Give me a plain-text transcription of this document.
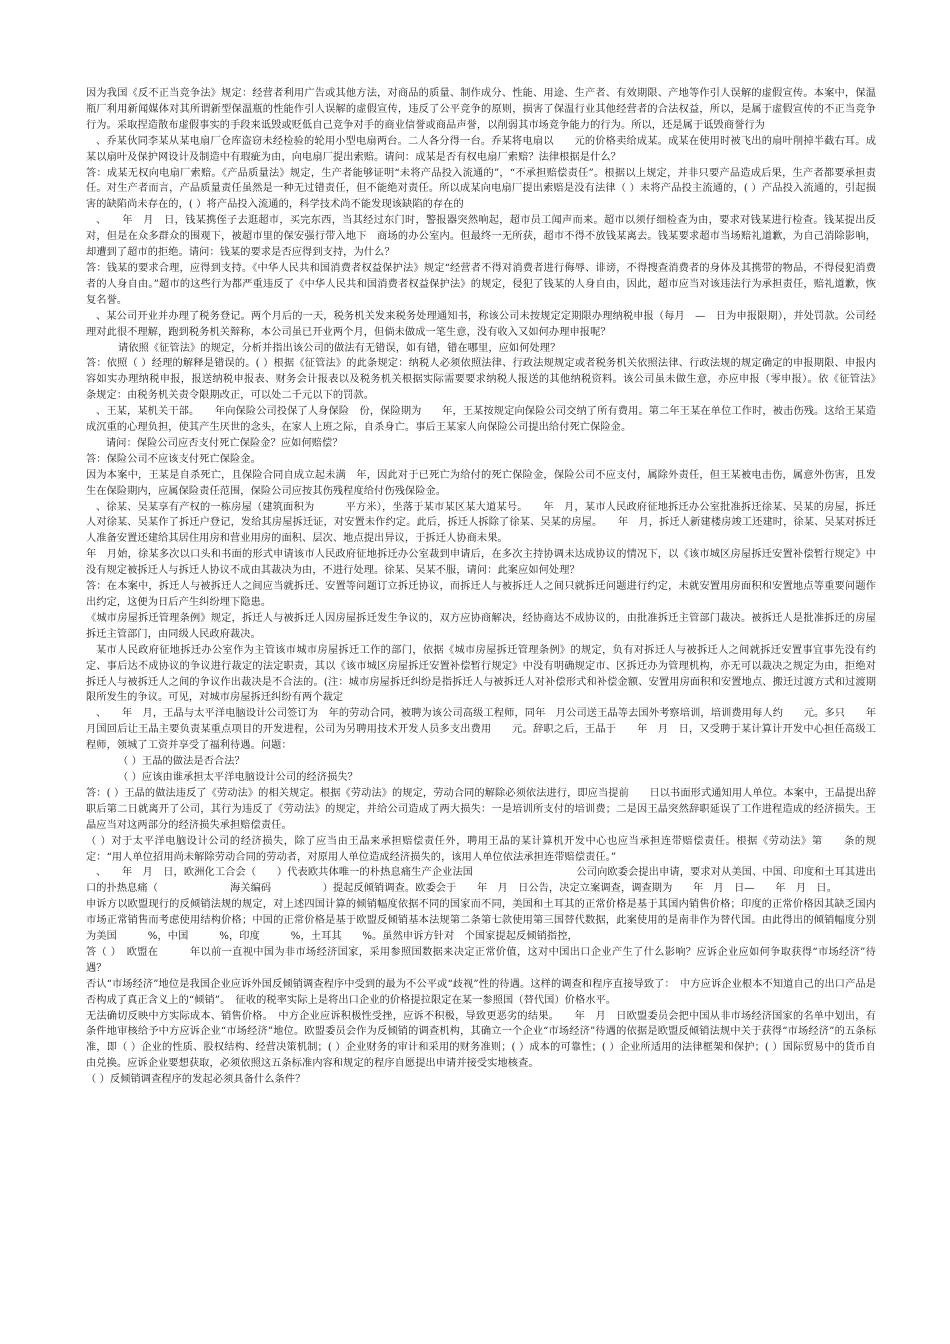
因为我国《反不正当竞争法》规定：经营者利用广告或其他方法，对商品的质量、制作成分、性能、用途、生产者、有效期限、产地等作引人误解的虚假宣传。本案中，保温瓶厂利用新闻媒体对其所谓新型保温瓶的性能作引人误解的虚假宣传，违反了公平竞争的原则，损害了保温行业其他经营者的合法权益，所以，是属于虚假宣传的不正当竞争行为。采取捏造散布虚假事实的手段来诋毁或贬低自己竞争对手的商业信誉或商品声誉，以削弱其市场竞争能力的行为。所以，还是属于诋毁商誉行为

、乔某伙同李某从某电扇厂仓库盗窃未经检验的轮用小型电扇两台。二人各分得一台。乔某将电扇以　　元的价格卖给成某。成某在使用时被飞出的扇叶削掉半截右耳。成某以扇叶及保护网设计及制造中有瑕疵为由，向电扇厂提出索赔。请问：成某是否有权电扇厂索赔？法律根据是什么？

答：成某无权向电扇厂索赔。《产品质量法》规定，生产者能够证明“未将产品投入流通的”，“不承担赔偿责任”。根据以上规定，并非只要产品造成后果，生产者都要承担责任。对生产者而言，产品质量责任虽然是一种无过错责任，但不能绝对责任。所以成某向电扇厂提出索赔是没有法律（ ）未将产品投主流通的，( ）产品投入流通的，引起损害的缺陷尚未存在的，( ）将产品投入流通的，科学技术尚不能发现该缺陷的存在的

、　　年　月　日，钱某携侄子去逛超市，买完东西，当其经过东门时，警报器突然响起，超市员工闻声而来。超市以须仔细检查为由，要求对钱某进行检查。钱某提出反对，但是在众多群众的围观下，被超市里的保安强行带入地下　商场的办公室内。但最终一无所获，超市不得不放钱某离去。钱某要求超市当场赔礼道歉，为自己消除影响，却遭到了超市的拒绝。请问：钱某的要求是否应得到支持，为什么？

答：钱某的要求合理，应得到支持。《中华人民共和国消费者权益保护法》规定“经营者不得对消费者进行侮辱、诽谤，不得搜查消费者的身体及其携带的物品，不得侵犯消费者的人身自由。”超市的这些行为都严重违反了《中华人民共和国消费者权益保护法》的规定，侵犯了钱某的人身自由，因此，超市应当对该违法行为承担责任，赔礼道歉，恢复名誉。

、某公司开业并办理了税务登记。两个月后的一天，税务机关发来税务处理通知书，称该公司未按规定定期限办理纳税申报（每月　—　日为申报限期），并处罚款。公司经理对此很不理解，跑到税务机关辩称，本公司虽已开业两个月，但倘未做成一笔生意，没有收入又如何办理申报呢？

请依照《征管法》的规定，分析并指出该公司的做法有无错误，如有错，错在哪里，应如何处理？

答：依照（ ）经理的解释是错误的。( ）根据《征管法》的此条规定：纳税人必须依照法律、行政法规规定或者税务机关依照法律、行政法规的规定确定的申报期限、申报内容如实办理纳税申报，报送纳税申报表、财务会计报表以及税务机关根据实际需要要求纳税人报送的其他纳税资料。该公司虽未做生意，亦应申报（零申报）。依《征管法》　条规定：由税务机关责令限期改正，可以处二千元以下的罚款。

、王某，某机关干部。　　年向保险公司投保了人身保险　份，保险期为　　年，王某按规定向保险公司交纳了所有费用。第二年王某在单位工作时，被击伤残。这给王某造成沉重的心理负担，使其产生厌世的念头，在家人上班之际，自杀身亡。事后王某家人向保险公司提出给付死亡保险金。

请问：保险公司应否支付死亡保险金？应如何赔偿？

答：保险公司不应该支付死亡保险金。

因为本案中，王某是自杀死亡，且保险合同自成立起未满　年，因此对于已死亡为给付的死亡保险金，保险公司不应支付，属除外责任，但王某被电击伤，属意外伤害，且发生在保险期内，应属保险责任范围，保险公司应按其伤残程度给付伤残保险金。

、徐某、吴某享有产权的一栋房屋（建筑面积为　　　平方米），坐落于某市某区某大道某号。　　年　月，某市人民政府征地拆迁办公室批准拆迁徐某、吴某的房屋，拆迁人对徐某、吴某作了拆迁户登记，发给其房屋拆迁证，对安置未作约定。此后，拆迁人拆除了徐某、吴某的房屋。　　年　月，拆迁人新建楼房竣工还建时，徐某、吴某对拆迁人准备安置还建给其居住用房和营业用房的面积、层次、地点提出异议，于拆迁人协商未果。

年　月始，徐某多次以口头和书面的形式申请该市人民政府征地拆迁办公室裁到申请后，在多次主持协调未达成协议的情况下，以《该市城区房屋拆迁安置补偿暂行规定》中没有规定被拆迁人与拆迁人协议不成由其裁决为由，不进行处理。徐某、吴某不服，请问：此案应如何处理？

答：在本案中，拆迁人与被拆迁人之间应当就拆迁、安置等问题订立拆迁协议，而拆迁人与被拆迁人之间只就拆迁问题进行约定，未就安置用房面积和安置地点等重要问题作出约定，这便为日后产生纠纷埋下隐患。

《城市房屋拆迁管理条例》规定，拆迁人与被拆迁人因房屋拆迁发生争议的，双方应协商解决，经协商达不成协议的，由批准拆迁主管部门裁决。被拆迁人是批准拆迁的房屋拆迁主管部门，由同级人民政府裁决。

某市人民政府征地拆迁办公室作为主管该市城市房屋拆迁工作的部门，依据《城市房屋拆迁管理条例》的规定，负有对拆迁人与被拆迁人之间就拆迁安置事宜事先没有约定、事后达不成协议的争议进行裁定的法定职责，其以《该市城区房屋拆迁安置补偿暂行规定》中没有明确规定市、区拆迁办为管理机构，亦无可以裁决之规定为由，拒绝对拆迁人与被拆迁人之间的争议作出裁决是不合法的。(注：城市房屋拆迁纠纷是指拆迁人与被拆迁人对补偿形式和补偿金额、安置用房面积和安置地点、搬迁过渡方式和过渡期限所发生的争议。可见，对城市房屋拆迁纠纷有两个裁定

、　　年　月，王晶与太平洋电脑设计公司签订为　年的劳动合同，被聘为该公司高级工程师，同年　月公司送王晶等去国外考察培训，培训费用每人约　　元。多只　　年　月国回后让王晶主要负责某重点项目的开发进程，公司为另聘用技术开发人员多支出费用　　元。辞职之后，王晶于　　年　月　日，又受聘于某计算计开发中心担任高级工程师，领城了工资并享受了福利待遇。问题：

（ ）王晶的做法是否合法？

（ ）应该由谁承担太平洋电脑设计公司的经济损失？

答：( ）王晶的做法违反了《劳动法》的相关规定。根据《劳动法》的规定，劳动合同的解除必须依法进行，即应当提前　　日以书面形式通知用人单位。本案中，王晶提出辞职后第二日就离开了公司，其行为违反了《劳动法》的规定，并给公司造成了两大损失：一是培训所支付的培训费；二是因王晶突然辞职延误了工作进程造成的经济损失。王晶应当对这两部分的经济损失承担赔偿责任。

（ ）对于太平洋电脑设计公司的经济损失，除了应当由王晶来承担赔偿责任外，聘用王晶的某计算机开发中心也应当承担连带赔偿责任。根据《劳动法》第　　条的规定：“用人单位招用尚未解除劳动合同的劳动者，对原用人单位造成经济损失的，该用人单位依法承担连带赔偿责任。”

、　　年　月　日，欧洲化工合会（　　）代表欧共体唯一的朴热息痛生产企业法国　　　　　　　　　　公司向欧委会提出申请，要求对从美国、中国、印度和土耳其进出口的扑热息痛（　　　　　　　海关编码　　　　　）提起反倾销调查。欧委会于　　年　月　日公告，决定立案调查，调查期为　　年　月　日—　　年　月　日。

申诉方以欧盟现行的反倾销法规的规定，对上述四国计算的倾销幅度依据不同的国家而不同，美国和土耳其的正常价格是基于其国内销售价格；印度的正常价格因其缺乏国内市场正常销售而考虑使用结构价格；中国的正常价格是基于欧盟反倾销基本法规第二条第七款使用第三国替代数据，此案使用的是南非作为替代国。由此得出的倾销幅度分别为美国　　　%，中国　　　%，印度　　　%，土耳其　　%。虽然申诉方针对　个国家提起反倾销指控，

答（ ）　欧盟在　　　年以前一直视中国为非市场经济国家，采用参照国数据来决定正常价值，这对中国出口企业产生了什么影响？应诉企业应如何争取获得“市场经济”待遇？

否认“市场经济”地位是我国企业应诉外国反倾销调查程序中受到的最为不公平或“歧视”性的待遇。这样的调查和程序直接导致了：　中方应诉企业根本不知道自己的出口产品是否构成了真正含义上的“倾销”。　征收的税率实际上是将出口企业的价格提拉限定在某一参照国（替代国）价格水平。

无法确切反映中方实际成本、销售价格。　中方企业应诉积极性受挫，应诉不积极，导致更恶劣的结果。　　年　月　日欧盟委员会把中国从非市场经济国家的名单中划出，有条件地审核给予中方应诉企业“市场经济”地位。欧盟委员会作为反倾销的调查机构，其确立一个企业“市场经济”待遇的依据是欧盟反倾销法规中关于获得“市场经济”的五条标准，即（ ）企业的性质、股权结构、经营决策机制；( ）企业财务的审计和采用的财务准则；( ）成本的可靠性；( ）企业所适用的法律框架和保护；( ）国际贸易中的货币自由兑换。应诉企业要想获取，必须依照这五条标准内容和规定的程序自愿提出申请并接受实地核查。

（ ）反倾销调查程序的发起必须具备什么条件？
